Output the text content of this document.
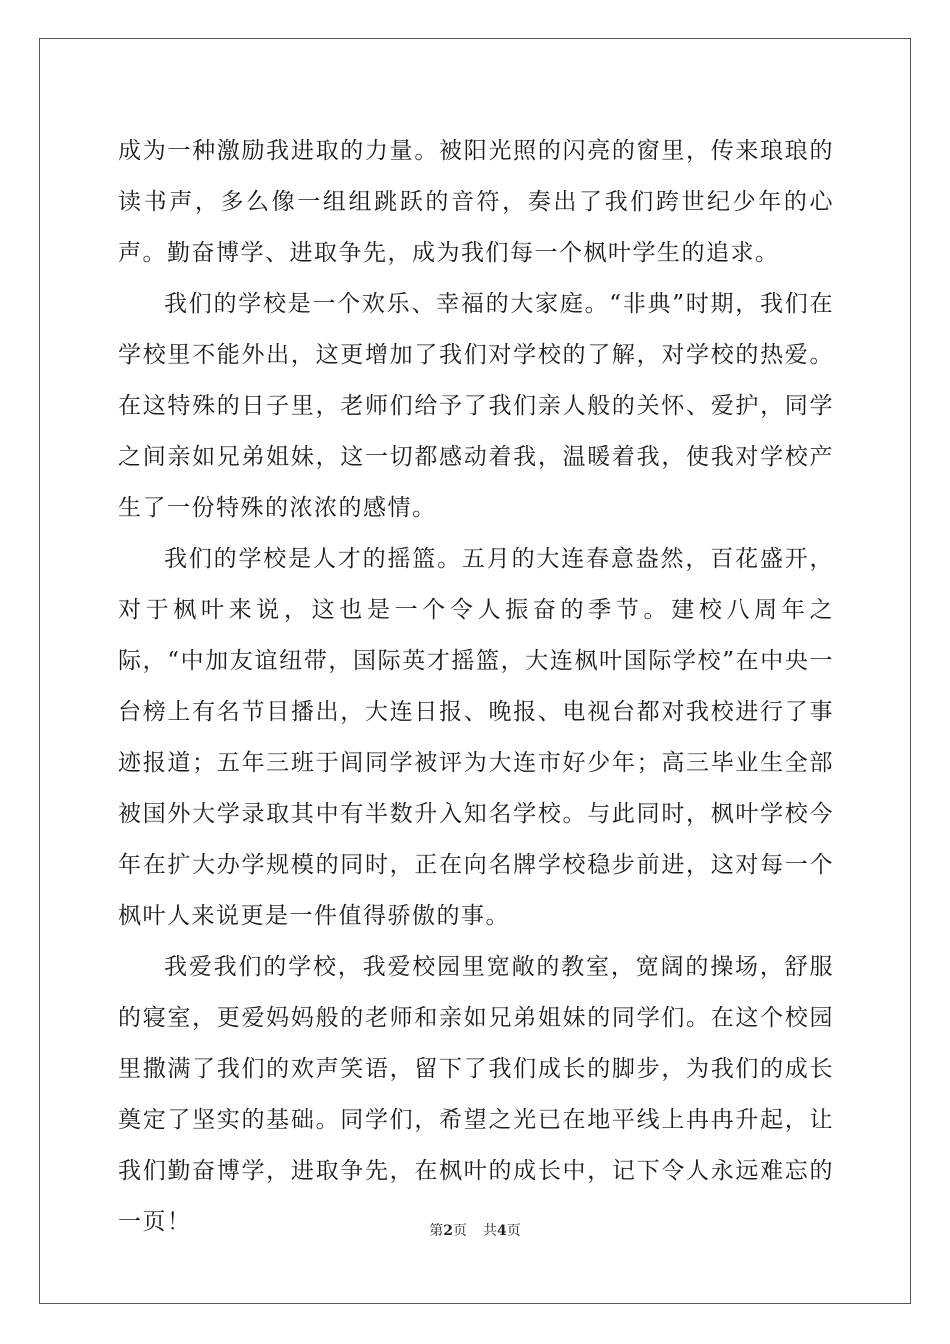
成为一种激励我进取的力量。被阳光照的闪亮的窗里，传来琅琅的读书声，多么像一组组跳跃的音符，奏出了我们跨世纪少年的心声。勤奋博学、进取争先，成为我们每一个枫叶学生的追求。

我们的学校是一个欢乐、幸福的大家庭。“非典”时期，我们在学校里不能外出，这更增加了我们对学校的了解，对学校的热爱。在这特殊的日子里，老师们给予了我们亲人般的关怀、爱护，同学之间亲如兄弟姐妹，这一切都感动着我，温暖着我，使我对学校产生了一份特殊的浓浓的感情。

我们的学校是人才的摇篮。五月的大连春意盎然，百花盛开，对于枫叶来说，这也是一个令人振奋的季节。建校八周年之际，“中加友谊纽带，国际英才摇篮，大连枫叶国际学校”在中央一台榜上有名节目播出，大连日报、晚报、电视台都对我校进行了事迹报道；五年三班于闾同学被评为大连市好少年；高三毕业生全部被国外大学录取其中有半数升入知名学校。与此同时，枫叶学校今年在扩大办学规模的同时，正在向名牌学校稳步前进，这对每一个枫叶人来说更是一件值得骄傲的事。

我爱我们的学校，我爱校园里宽敞的教室，宽阔的操场，舒服的寝室，更爱妈妈般的老师和亲如兄弟姐妹的同学们。在这个校园里撒满了我们的欢声笑语，留下了我们成长的脚步，为我们的成长奠定了坚实的基础。同学们，希望之光已在地平线上冉冉升起，让我们勤奋博学，进取争先，在枫叶的成长中，记下令人永远难忘的一页！	第2页 共4页
